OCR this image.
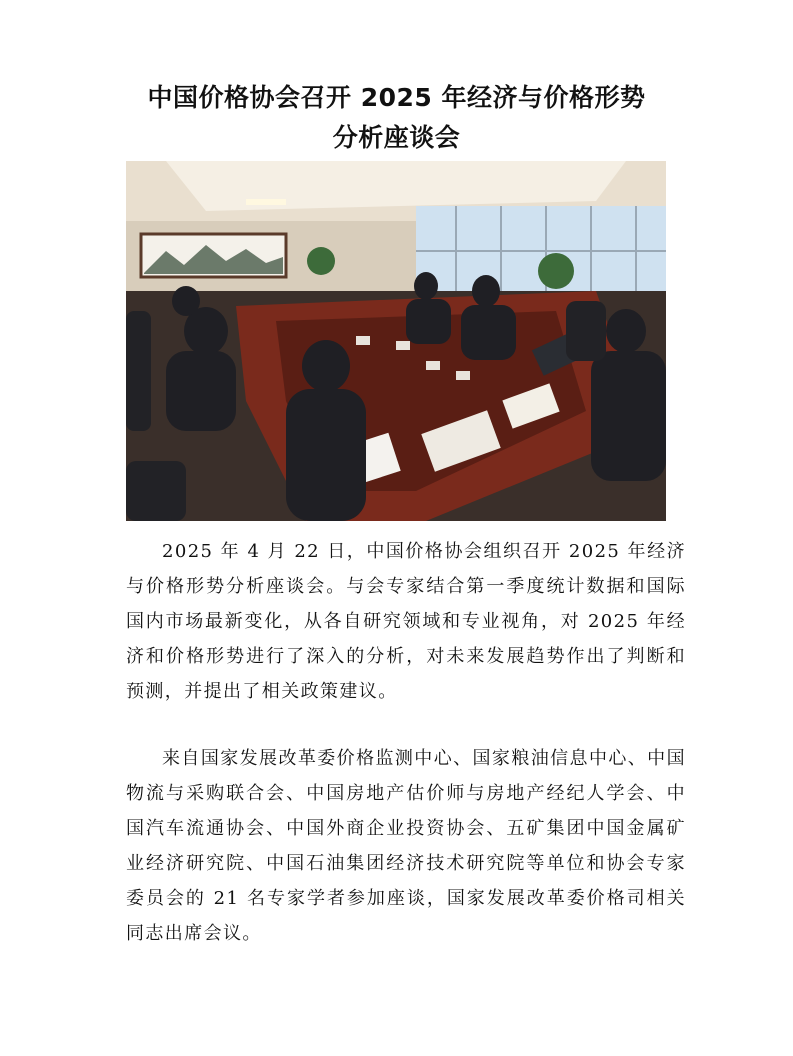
中国价格协会召开 2025 年经济与价格形势
分析座谈会

2025 年 4 月 22 日，中国价格协会组织召开 2025 年经济与价格形势分析座谈会。与会专家结合第一季度统计数据和国际国内市场最新变化，从各自研究领域和专业视角，对 2025 年经济和价格形势进行了深入的分析，对未来发展趋势作出了判断和预测，并提出了相关政策建议。

来自国家发展改革委价格监测中心、国家粮油信息中心、中国物流与采购联合会、中国房地产估价师与房地产经纪人学会、中国汽车流通协会、中国外商企业投资协会、五矿集团中国金属矿业经济研究院、中国石油集团经济技术研究院等单位和协会专家委员会的 21 名专家学者参加座谈，国家发展改革委价格司相关同志出席会议。
